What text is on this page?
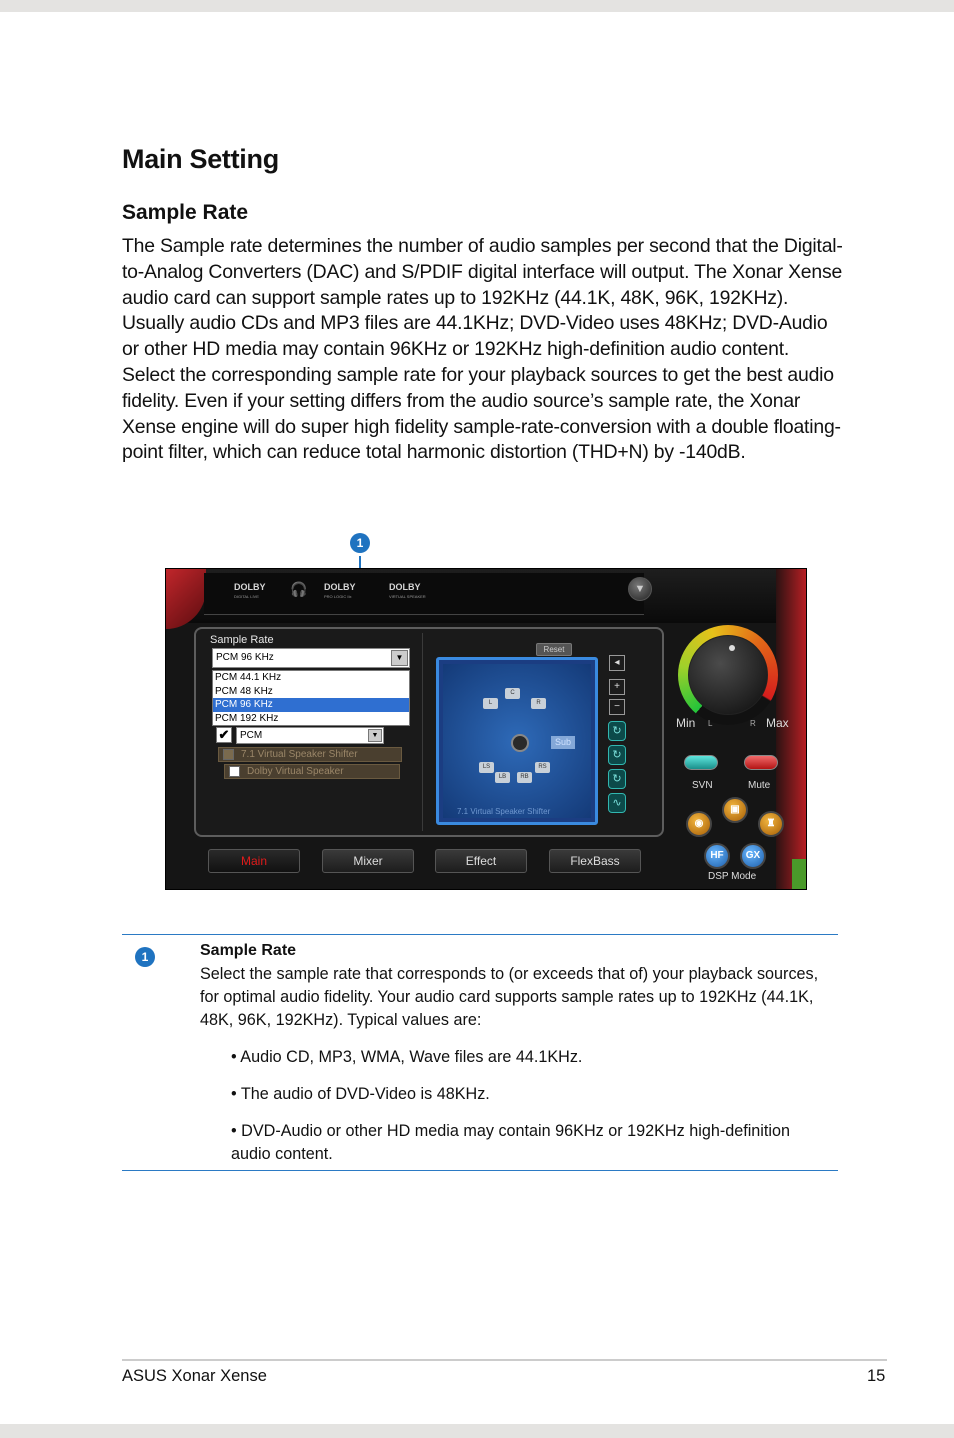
Main Setting
Sample Rate

The Sample rate determines the number of audio samples per second that the Digital-to-Analog Converters (DAC) and S/PDIF digital interface will output. The Xonar Xense audio card can support sample rates up to 192KHz (44.1K, 48K, 96K, 192KHz). Usually audio CDs and MP3 files are 44.1KHz; DVD-Video uses 48KHz; DVD-Audio or other HD media may contain 96KHz or 192KHz high-definition audio content. Select the corresponding sample rate for your playback sources to get the best audio fidelity. Even if your setting differs from the audio source’s sample rate, the Xonar Xense engine will do super high fidelity sample-rate-conversion with a double floating-point filter, which can reduce total harmonic distortion (THD+N) by -140dB.

1
DOLBY
DIGITAL LIVE	🎧 DOLBY
PRO LOGIC IIx
DOLBY
VIRTUAL SPEAKER
▼
Sample Rate
PCM 96 KHz	▼
PCM 44.1 KHz
PCM 48 KHz
PCM 96 KHz
PCM 192 KHz
✔	PCM	▼
7.1 Virtual Speaker Shifter
Dolby Virtual Speaker
Reset
C
L	R
Sub
LS
LB	RB
RS
7.1 Virtual Speaker Shifter
◂
+
−
↻
↻
↻
∿
Main	Mixer	Effect	FlexBass
Min	Max
L	R
SVN	Mute
◉
▣
♜
HF	GX
DSP Mode
1	Sample Rate

Select the sample rate that corresponds to (or exceeds that of) your playback sources, for optimal audio fidelity. Your audio card supports sample rates up to 192KHz (44.1K, 48K, 96K, 192KHz). Typical values are:

• Audio CD, MP3, WMA, Wave files are 44.1KHz.

• The audio of DVD-Video is 48KHz.

• DVD-Audio or other HD media may contain 96KHz or 192KHz high-definition audio content.

ASUS Xonar Xense	15
